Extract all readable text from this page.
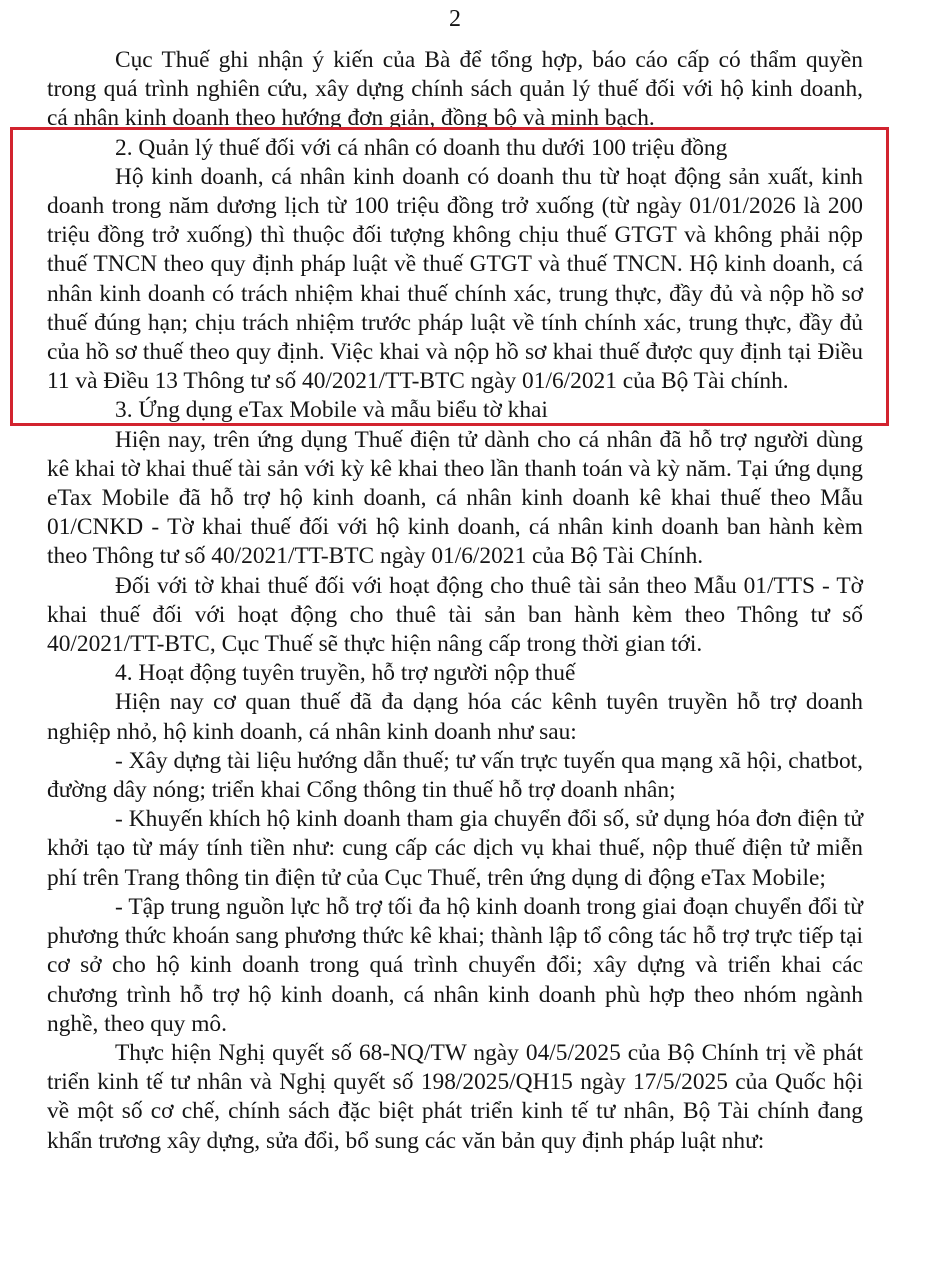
2

Cục Thuế ghi nhận ý kiến của Bà để tổng hợp, báo cáo cấp có thẩm quyền trong quá trình nghiên cứu, xây dựng chính sách quản lý thuế đối với hộ kinh doanh, cá nhân kinh doanh theo hướng đơn giản, đồng bộ và minh bạch.

2. Quản lý thuế đối với cá nhân có doanh thu dưới 100 triệu đồng

Hộ kinh doanh, cá nhân kinh doanh có doanh thu từ hoạt động sản xuất, kinh doanh trong năm dương lịch từ 100 triệu đồng trở xuống (từ ngày 01/01/2026 là 200 triệu đồng trở xuống) thì thuộc đối tượng không chịu thuế GTGT và không phải nộp thuế TNCN theo quy định pháp luật về thuế GTGT và thuế TNCN. Hộ kinh doanh, cá nhân kinh doanh có trách nhiệm khai thuế chính xác, trung thực, đầy đủ và nộp hồ sơ thuế đúng hạn; chịu trách nhiệm trước pháp luật về tính chính xác, trung thực, đầy đủ của hồ sơ thuế theo quy định. Việc khai và nộp hồ sơ khai thuế được quy định tại Điều 11 và Điều 13 Thông tư số 40/2021/TT-BTC ngày 01/6/2021 của Bộ Tài chính.

3. Ứng dụng eTax Mobile và mẫu biểu tờ khai

Hiện nay, trên ứng dụng Thuế điện tử dành cho cá nhân đã hỗ trợ người dùng kê khai tờ khai thuế tài sản với kỳ kê khai theo lần thanh toán và kỳ năm. Tại ứng dụng eTax Mobile đã hỗ trợ hộ kinh doanh, cá nhân kinh doanh kê khai thuế theo Mẫu 01/CNKD - Tờ khai thuế đối với hộ kinh doanh, cá nhân kinh doanh ban hành kèm theo Thông tư số 40/2021/TT-BTC ngày 01/6/2021 của Bộ Tài Chính.

Đối với tờ khai thuế đối với hoạt động cho thuê tài sản theo Mẫu 01/TTS - Tờ khai thuế đối với hoạt động cho thuê tài sản ban hành kèm theo Thông tư số 40/2021/TT-BTC, Cục Thuế sẽ thực hiện nâng cấp trong thời gian tới.

4. Hoạt động tuyên truyền, hỗ trợ người nộp thuế

Hiện nay cơ quan thuế đã đa dạng hóa các kênh tuyên truyền hỗ trợ doanh nghiệp nhỏ, hộ kinh doanh, cá nhân kinh doanh như sau:

- Xây dựng tài liệu hướng dẫn thuế; tư vấn trực tuyến qua mạng xã hội, chatbot, đường dây nóng; triển khai Cổng thông tin thuế hỗ trợ doanh nhân;

- Khuyến khích hộ kinh doanh tham gia chuyển đổi số, sử dụng hóa đơn điện tử khởi tạo từ máy tính tiền như: cung cấp các dịch vụ khai thuế, nộp thuế điện tử miễn phí trên Trang thông tin điện tử của Cục Thuế, trên ứng dụng di động eTax Mobile;

- Tập trung nguồn lực hỗ trợ tối đa hộ kinh doanh trong giai đoạn chuyển đổi từ phương thức khoán sang phương thức kê khai; thành lập tổ công tác hỗ trợ trực tiếp tại cơ sở cho hộ kinh doanh trong quá trình chuyển đổi; xây dựng và triển khai các chương trình hỗ trợ hộ kinh doanh, cá nhân kinh doanh phù hợp theo nhóm ngành nghề, theo quy mô.

Thực hiện Nghị quyết số 68-NQ/TW ngày 04/5/2025 của Bộ Chính trị về phát triển kinh tế tư nhân và Nghị quyết số 198/2025/QH15 ngày 17/5/2025 của Quốc hội về một số cơ chế, chính sách đặc biệt phát triển kinh tế tư nhân, Bộ Tài chính đang khẩn trương xây dựng, sửa đổi, bổ sung các văn bản quy định pháp luật như:
